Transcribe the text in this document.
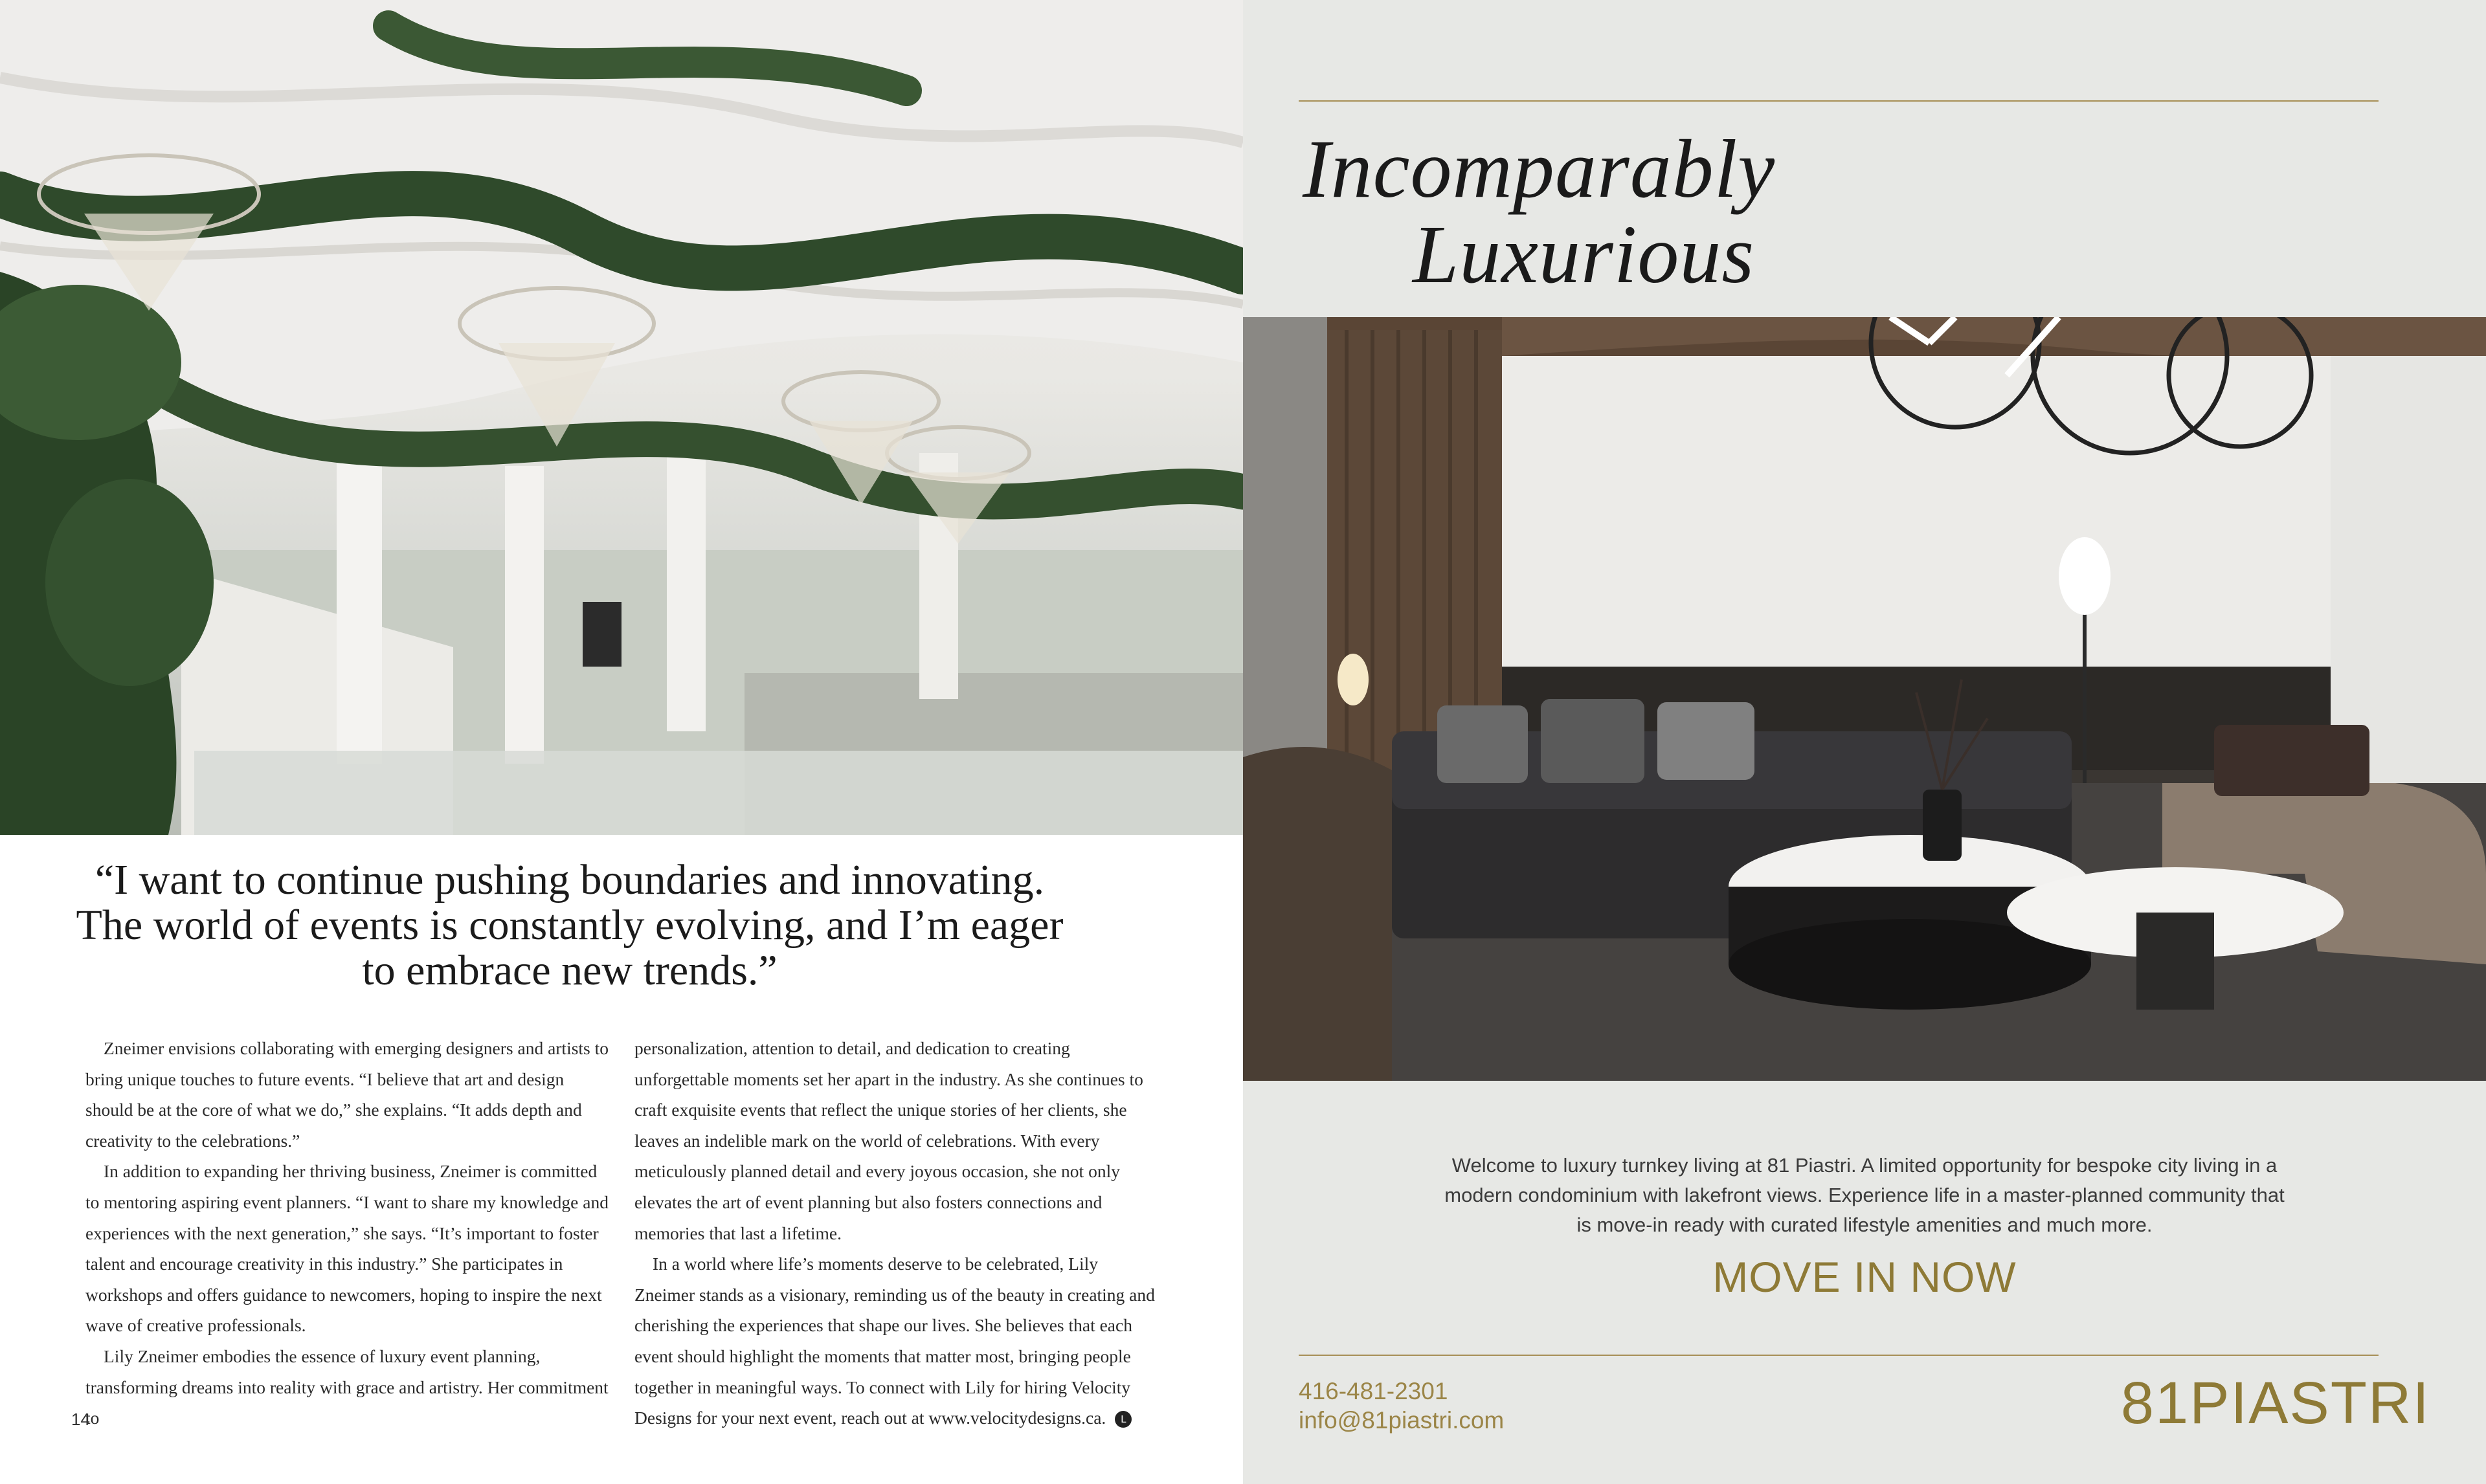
“I want to continue pushing boundaries and innovating. The world of events is constantly evolving, and I’m eager to embrace new trends.”

Zneimer envisions collaborating with emerging designers and artists to bring unique touches to future events. “I believe that art and design should be at the core of what we do,” she explains. “It adds depth and creativity to the celebrations.”

In addition to expanding her thriving business, Zneimer is committed to mentoring aspiring event planners. “I want to share my knowledge and experiences with the next generation,” she says. “It’s important to foster talent and encourage creativity in this industry.” She participates in workshops and offers guidance to newcomers, hoping to inspire the next wave of creative professionals.

Lily Zneimer embodies the essence of luxury event planning, transforming dreams into reality with grace and artistry. Her commitment to

personalization, attention to detail, and dedication to creating unforgettable moments set her apart in the industry. As she continues to craft exquisite events that reflect the unique stories of her clients, she leaves an indelible mark on the world of celebrations. With every meticulously planned detail and every joyous occasion, she not only elevates the art of event planning but also fosters connections and memories that last a lifetime.

In a world where life’s moments deserve to be celebrated, Lily Zneimer stands as a visionary, reminding us of the beauty in creating and cherishing the experiences that shape our lives. She believes that each event should highlight the moments that matter most, bringing people together in meaningful ways. To connect with Lily for hiring Velocity Designs for your next event, reach out at www.velocitydesigns.ca. L

14
Incomparably
Luxurious

Welcome to luxury turnkey living at 81 Piastri. A limited opportunity for bespoke city living in a modern condominium with lakefront views. Experience life in a master-planned community that is move-in ready with curated lifestyle amenities and much more.

MOVE IN NOW
416-481-2301
info@81piastri.com	81PIASTRI
